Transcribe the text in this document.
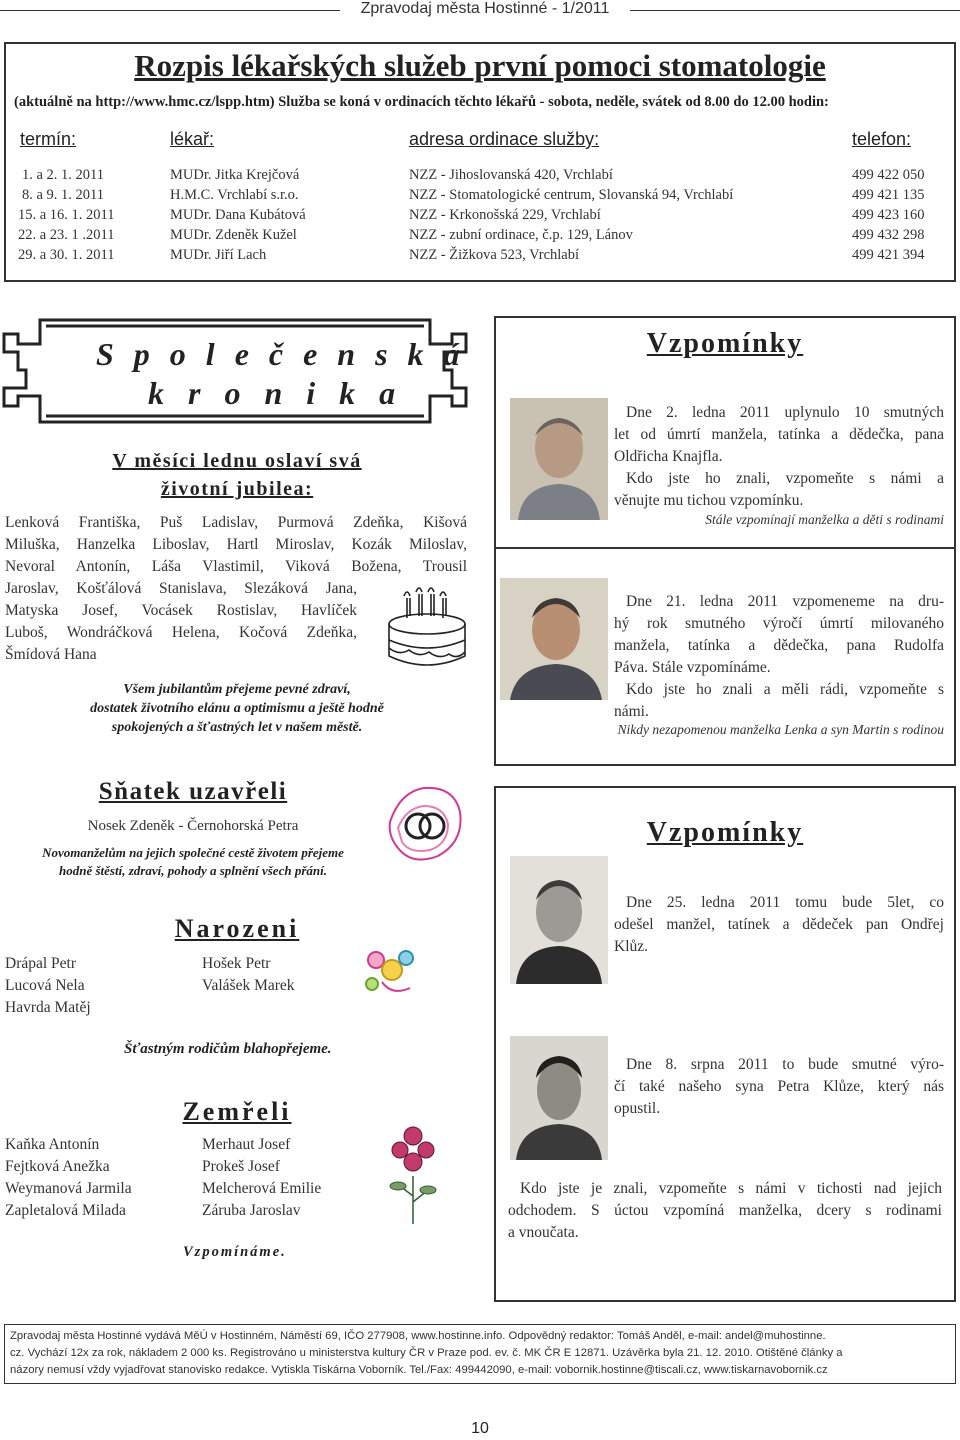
Zpravodaj města Hostinné - 1/2011
Rozpis lékařských služeb první pomoci stomatologie
(aktuálně na http://www.hmc.cz/lspp.htm) Služba se koná v ordinacích těchto lékařů - sobota, neděle, svátek od 8.00 do 12.00 hodin:
termín:	lékař:	adresa ordinace služby:	telefon:
1. a 2. 1. 2011	MUDr. Jitka Krejčová	NZZ - Jihoslovanská 420, Vrchlabí	499 422 050
8. a 9. 1. 2011	H.M.C. Vrchlabí s.r.o.	NZZ - Stomatologické centrum, Slovanská 94, Vrchlabí	499 421 135
15. a 16. 1. 2011	MUDr. Dana Kubátová	NZZ - Krkonošská 229, Vrchlabí	499 423 160
22. a 23. 1 .2011	MUDr. Zdeněk Kužel	NZZ - zubní ordinace, č.p. 129, Lánov	499 432 298
29. a 30. 1. 2011	MUDr. Jiří Lach	NZZ - Žižkova 523, Vrchlabí	499 421 394
S p o l e č e n s k á
k r o n i k a
V měsíci lednu oslaví svá
životní jubilea:
Lenková Františka, Puš Ladislav, Purmová Zdeňka, Kišová
Miluška, Hanzelka Liboslav, Hartl Miroslav, Kozák Miloslav,
Nevoral Antonín, Láša Vlastimil, Viková Božena, Trousil
Jaroslav, Košťálová Stanislava, Slezáková Jana,
Matyska Josef, Vocásek Rostislav, Havlíček
Luboš, Wondráčková Helena, Kočová Zdeňka,
Šmídová Hana
Všem jubilantům přejeme pevné zdraví,
dostatek životního elánu a optimismu a ještě hodně
spokojených a šťastných let v našem městě.
Vzpomínky
Dne 2. ledna 2011 uplynulo 10 smutných
let od úmrtí manžela, tatínka a dědečka, pana
Oldřicha Knajfla.
Kdo jste ho znali, vzpomeňte s námi a
věnujte mu tichou vzpomínku.
Stále vzpomínají manželka a děti s rodinami
Dne 21. ledna 2011 vzpomeneme na dru-
hý rok smutného výročí úmrtí milovaného
manžela, tatínka a dědečka, pana Rudolfa
Páva. Stále vzpomínáme.
Kdo jste ho znali a měli rádi, vzpomeňte s
námi.
Nikdy nezapomenou manželka Lenka a syn Martin s rodinou
Sňatek uzavřeli
Nosek Zdeněk - Černohorská Petra
Novomanželům na jejich společné cestě životem přejeme
hodně štěstí, zdraví, pohody a splnění všech přání.
Narozeni
Drápal Petr
Lucová Nela
Havrda Matěj
Hošek Petr
Valášek Marek
Šťastným rodičům blahopřejeme.
Zemřeli
Kaňka Antonín
Fejtková Anežka
Weymanová Jarmila
Zapletalová Milada
Merhaut Josef
Prokeš Josef
Melcherová Emilie
Záruba Jaroslav
Vzpomínáme.
Vzpomínky
Dne 25. ledna 2011 tomu bude 5let, co
odešel manžel, tatínek a dědeček pan Ondřej
Klůz.
Dne 8. srpna 2011 to bude smutné výro-
čí také našeho syna Petra Klůze, který nás
opustil.
Kdo jste je znali, vzpomeňte s námi v tichosti nad jejich
odchodem. S úctou vzpomíná manželka, dcery s rodinami
a vnoučata.
Zpravodaj města Hostinné vydává MěÚ v Hostinném, Náměstí 69, IČO 277908, www.hostinne.info. Odpovědný redaktor: Tomáš Anděl, e-mail: andel@muhostinne.
cz. Vychází 12x za rok, nákladem 2 000 ks. Registrováno u ministerstva kultury ČR v Praze pod. ev. č. MK ČR E 12871. Uzávěrka byla 21. 12. 2010. Otištěné články a
názory nemusí vždy vyjadřovat stanovisko redakce. Vytiskla Tiskárna Voborník. Tel./Fax: 499442090, e-mail: vobornik.hostinne@tiscali.cz, www.tiskarnavobornik.cz
10
